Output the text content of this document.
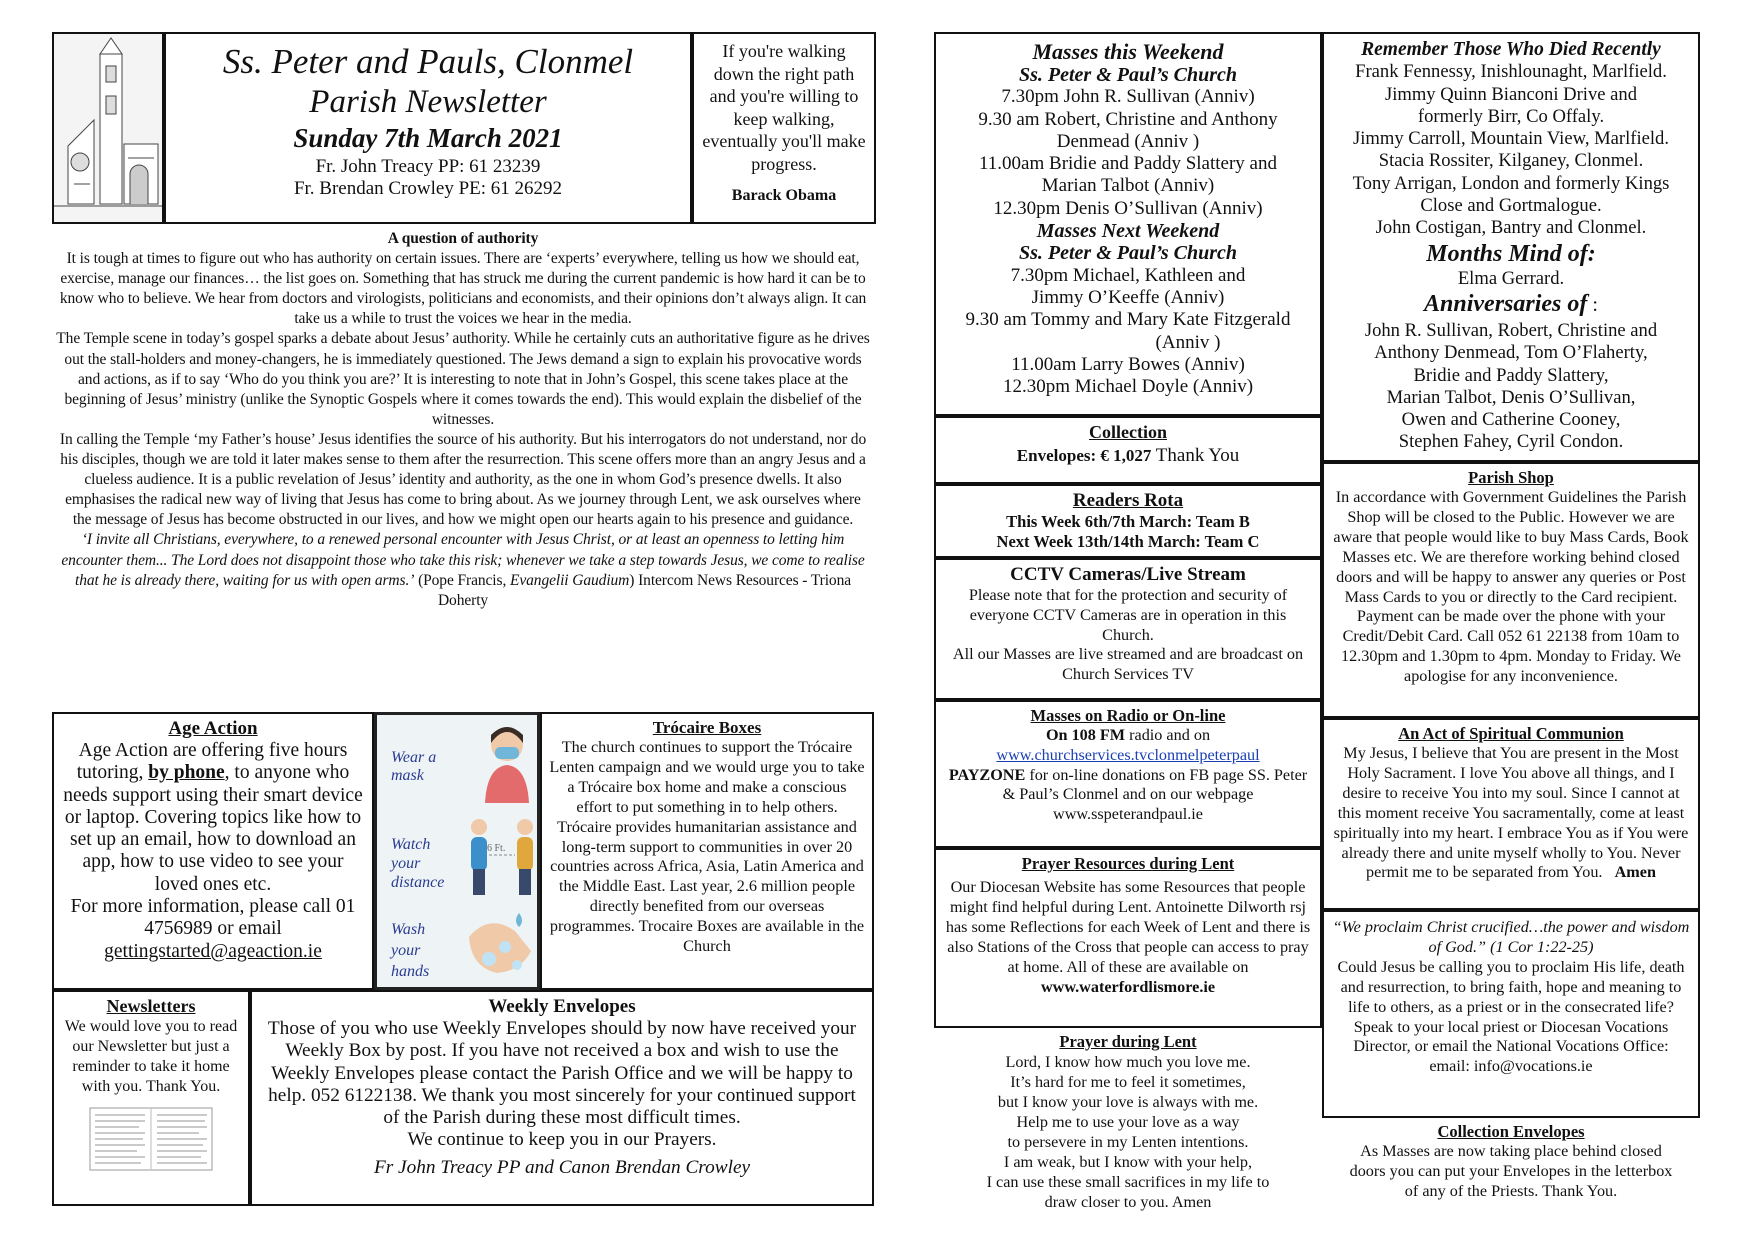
Ss. Peter and Pauls, Clonmel
Parish Newsletter
Sunday 7th March 2021
Fr. John Treacy PP: 61 23239
Fr. Brendan Crowley PE: 61 26292
If you're walking down the right path and you're willing to keep walking, eventually you'll make progress.
Barack Obama
A question of authority
It is tough at times to figure out who has authority on certain issues. There are ‘experts’ everywhere, telling us how we should eat, exercise, manage our finances… the list goes on. Something that has struck me during the current pandemic is how hard it can be to know who to believe. We hear from doctors and virologists, politicians and economists, and their opinions don’t always align. It can take us a while to trust the voices we hear in the media.
The Temple scene in today’s gospel sparks a debate about Jesus’ authority. While he certainly cuts an authoritative figure as he drives out the stall-holders and money-changers, he is immediately questioned. The Jews demand a sign to explain his provocative words and actions, as if to say ‘Who do you think you are?’ It is interesting to note that in John’s Gospel, this scene takes place at the beginning of Jesus’ ministry (unlike the Synoptic Gospels where it comes towards the end). This would explain the disbelief of the witnesses.
In calling the Temple ‘my Father’s house’ Jesus identifies the source of his authority. But his interrogators do not understand, nor do his disciples, though we are told it later makes sense to them after the resurrection. This scene offers more than an angry Jesus and a clueless audience. It is a public revelation of Jesus’ identity and authority, as the one in whom God’s presence dwells. It also emphasises the radical new way of living that Jesus has come to bring about. As we journey through Lent, we ask ourselves where the message of Jesus has become obstructed in our lives, and how we might open our hearts again to his presence and guidance.
‘I invite all Christians, everywhere, to a renewed personal encounter with Jesus Christ, or at least an openness to letting him encounter them... The Lord does not disappoint those who take this risk; whenever we take a step towards Jesus, we come to realise that he is already there, waiting for us with open arms.’ (Pope Francis, Evangelii Gaudium) Intercom News Resources - Triona Doherty
Age Action
Age Action are offering five hours tutoring, by phone, to anyone who needs support using their smart device or laptop. Covering topics like how to set up an email, how to download an app, how to use video to see your loved ones etc.
For more information, please call 01 4756989 or email
gettingstarted@ageaction.ie
Wear a mask
Watch your distance
6 Ft.
Wash your hands
Trócaire Boxes
The church continues to support the Trócaire Lenten campaign and we would urge you to take a Trócaire box home and make a conscious effort to put something in to help others. Trócaire provides humanitarian assistance and long-term support to communities in over 20 countries across Africa, Asia, Latin America and the Middle East. Last year, 2.6 million people directly benefited from our overseas programmes. Trocaire Boxes are available in the Church
Newsletters
We would love you to read our Newsletter but just a reminder to take it home with you. Thank You.
Weekly Envelopes
Those of you who use Weekly Envelopes should by now have received your Weekly Box by post. If you have not received a box and wish to use the Weekly Envelopes please contact the Parish Office and we will be happy to help. 052 6122138. We thank you most sincerely for your continued support of the Parish during these most difficult times.
We continue to keep you in our Prayers.
Fr John Treacy PP and Canon Brendan Crowley
Masses this Weekend
Ss. Peter & Paul’s Church
7.30pm John R. Sullivan (Anniv)
9.30 am Robert, Christine and Anthony
Denmead (Anniv )
11.00am Bridie and Paddy Slattery and
Marian Talbot (Anniv)
12.30pm Denis O’Sullivan (Anniv)
Masses Next Weekend
Ss. Peter & Paul’s Church
7.30pm Michael, Kathleen and
Jimmy O’Keeffe (Anniv)
9.30 am Tommy and Mary Kate Fitzgerald
(Anniv )
11.00am Larry Bowes (Anniv)
12.30pm Michael Doyle (Anniv)
Collection
Envelopes: € 1,027 Thank You
Readers Rota
This Week 6th/7th March: Team B
Next Week 13th/14th March: Team C
CCTV Cameras/Live Stream
Please note that for the protection and security of everyone CCTV Cameras are in operation in this Church.
All our Masses are live streamed and are broadcast on Church Services TV
Masses on Radio or On-line
On 108 FM radio and on
www.churchservices.tvclonmelpeterpaul
PAYZONE for on-line donations on FB page SS. Peter & Paul’s Clonmel and on our webpage www.sspeterandpaul.ie
Prayer Resources during Lent
Our Diocesan Website has some Resources that people might find helpful during Lent. Antoinette Dilworth rsj has some Reflections for each Week of Lent and there is also Stations of the Cross that people can access to pray at home. All of these are available on
www.waterfordlismore.ie
Prayer during Lent
Lord, I know how much you love me.
It’s hard for me to feel it sometimes,
but I know your love is always with me.
Help me to use your love as a way
to persevere in my Lenten intentions.
I am weak, but I know with your help,
I can use these small sacrifices in my life to
draw closer to you. Amen
Remember Those Who Died Recently
Frank Fennessy, Inishlounaght, Marlfield.
Jimmy Quinn Bianconi Drive and
formerly Birr, Co Offaly.
Jimmy Carroll, Mountain View, Marlfield.
Stacia Rossiter, Kilganey, Clonmel.
Tony Arrigan, London and formerly Kings
Close and Gortmalogue.
John Costigan, Bantry and Clonmel.
Months Mind of:
Elma Gerrard.
Anniversaries of :
John R. Sullivan, Robert, Christine and
Anthony Denmead, Tom O’Flaherty,
Bridie and Paddy Slattery,
Marian Talbot, Denis O’Sullivan,
Owen and Catherine Cooney,
Stephen Fahey, Cyril Condon.
Parish Shop
In accordance with Government Guidelines the Parish Shop will be closed to the Public. However we are aware that people would like to buy Mass Cards, Book Masses etc. We are therefore working behind closed doors and will be happy to answer any queries or Post Mass Cards to you or directly to the Card recipient. Payment can be made over the phone with your Credit/Debit Card. Call 052 61 22138 from 10am to 12.30pm and 1.30pm to 4pm. Monday to Friday. We apologise for any inconvenience.
An Act of Spiritual Communion
My Jesus, I believe that You are present in the Most Holy Sacrament. I love You above all things, and I desire to receive You into my soul. Since I cannot at this moment receive You sacramentally, come at least spiritually into my heart. I embrace You as if You were already there and unite myself wholly to You. Never permit me to be separated from You. Amen
“We proclaim Christ crucified…the power and wisdom of God.” (1 Cor 1:22-25)
Could Jesus be calling you to proclaim His life, death and resurrection, to bring faith, hope and meaning to life to others, as a priest or in the consecrated life? Speak to your local priest or Diocesan Vocations Director, or email the National Vocations Office:
email: info@vocations.ie
Collection Envelopes
As Masses are now taking place behind closed doors you can put your Envelopes in the letterbox of any of the Priests. Thank You.
